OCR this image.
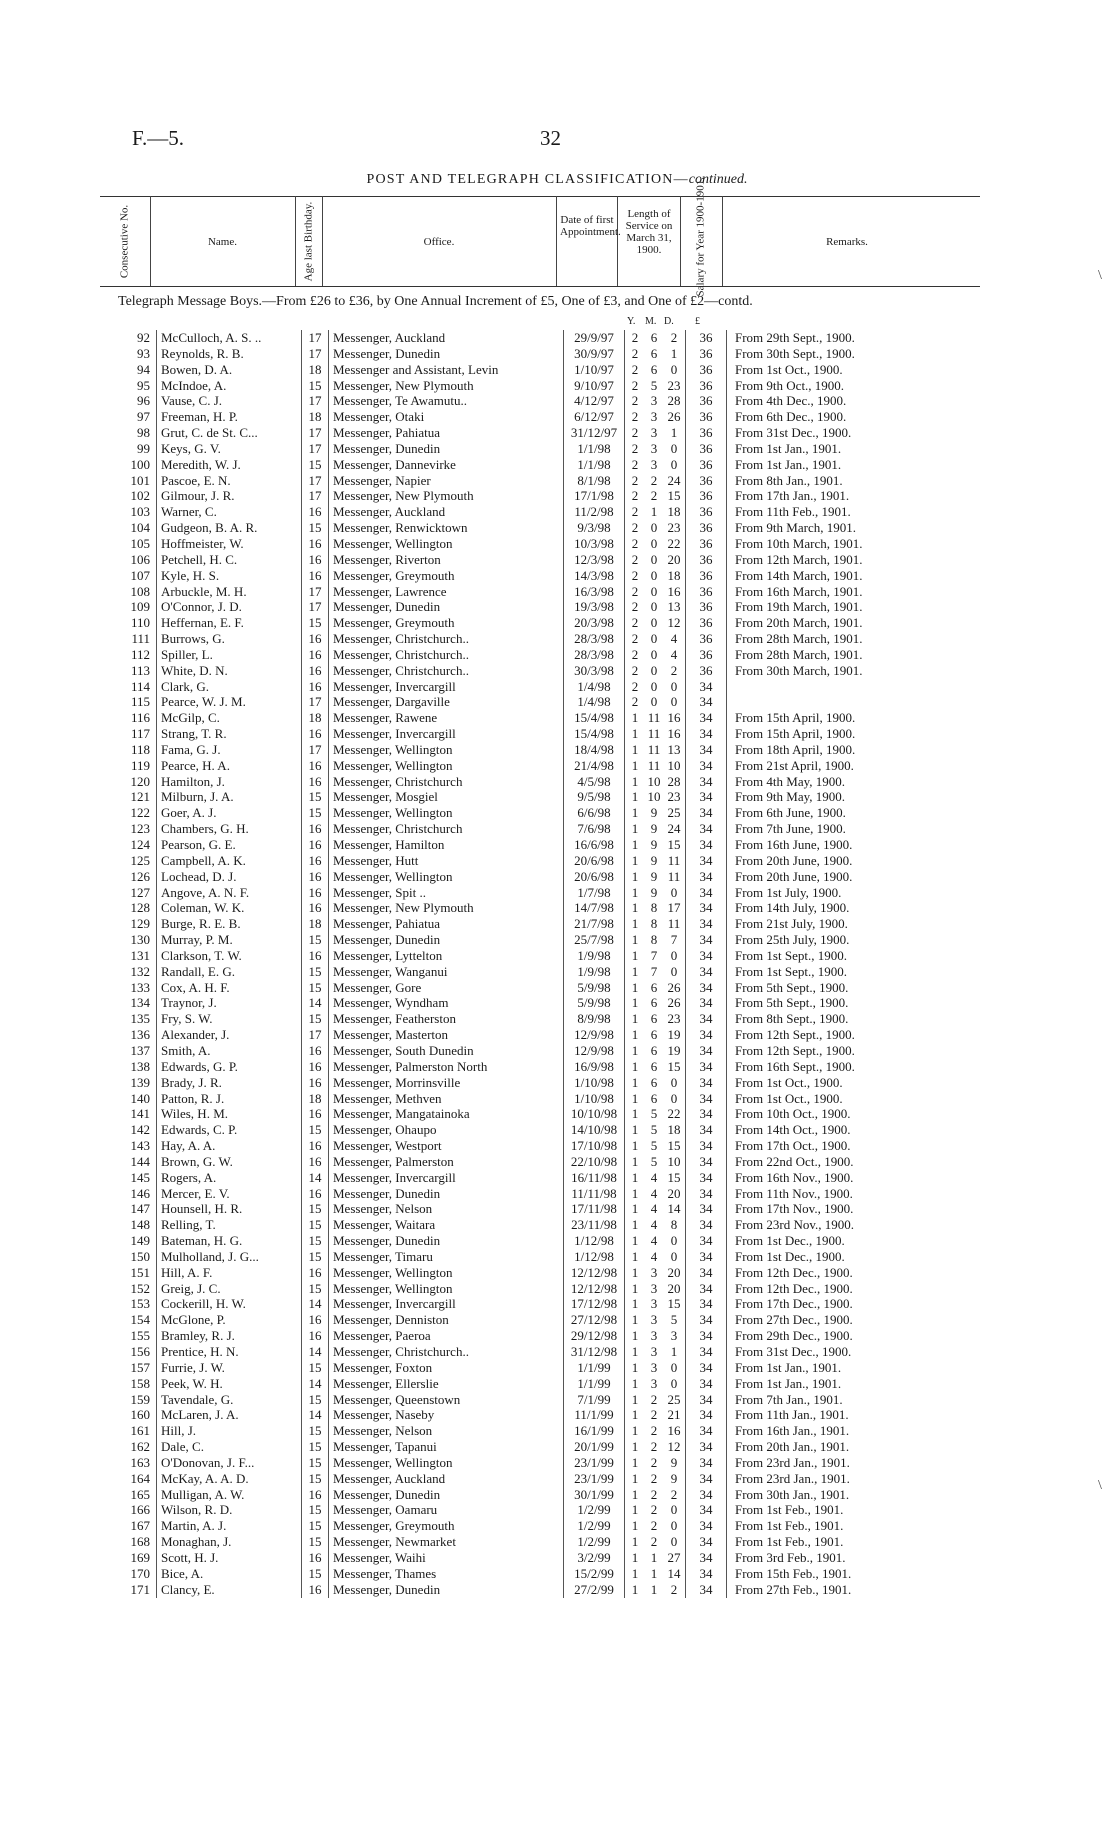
F.—5.	32
POST AND TELEGRAPH CLASSIFICATION—continued.
Consecutive No.	Name.	Age last Birthday.	Office.
Date of first Appointment.
Length of Service on March 31, 1900.	Salary for Year 1900-1901.	Remarks.
Telegraph Message Boys.—From £26 to £36, by One Annual Increment of £5, One of £3, and One of £2—contd.
Y. M. D. £
92	McCulloch, A. S. ..	17	Messenger, Auckland	29/9/97	2	6	2	36	From 29th Sept., 1900.
93	Reynolds, R. B.	17	Messenger, Dunedin	30/9/97	2	6	1	36	From 30th Sept., 1900.
94	Bowen, D. A.	18	Messenger and Assistant, Levin	1/10/97	2	6	0	36	From 1st Oct., 1900.
95	McIndoe, A.	15	Messenger, New Plymouth	9/10/97	2	5	23	36	From 9th Oct., 1900.
96	Vause, C. J.	17	Messenger, Te Awamutu..	4/12/97	2	3	28	36	From 4th Dec., 1900.
97	Freeman, H. P.	18	Messenger, Otaki	6/12/97	2	3	26	36	From 6th Dec., 1900.
98	Grut, C. de St. C...	17	Messenger, Pahiatua	31/12/97	2	3	1	36	From 31st Dec., 1900.
99	Keys, G. V.	17	Messenger, Dunedin	1/1/98	2	3	0	36	From 1st Jan., 1901.
100	Meredith, W. J.	15	Messenger, Dannevirke	1/1/98	2	3	0	36	From 1st Jan., 1901.
101	Pascoe, E. N.	17	Messenger, Napier	8/1/98	2	2	24	36	From 8th Jan., 1901.
102	Gilmour, J. R.	17	Messenger, New Plymouth	17/1/98	2	2	15	36	From 17th Jan., 1901.
103	Warner, C.	16	Messenger, Auckland	11/2/98	2	1	18	36	From 11th Feb., 1901.
104	Gudgeon, B. A. R.	15	Messenger, Renwicktown	9/3/98	2	0	23	36	From 9th March, 1901.
105	Hoffmeister, W.	16	Messenger, Wellington	10/3/98	2	0	22	36	From 10th March, 1901.
106	Petchell, H. C.	16	Messenger, Riverton	12/3/98	2	0	20	36	From 12th March, 1901.
107	Kyle, H. S.	16	Messenger, Greymouth	14/3/98	2	0	18	36	From 14th March, 1901.
108	Arbuckle, M. H.	17	Messenger, Lawrence	16/3/98	2	0	16	36	From 16th March, 1901.
109	O'Connor, J. D.	17	Messenger, Dunedin	19/3/98	2	0	13	36	From 19th March, 1901.
110	Heffernan, E. F.	15	Messenger, Greymouth	20/3/98	2	0	12	36	From 20th March, 1901.
111	Burrows, G.	16	Messenger, Christchurch..	28/3/98	2	0	4	36	From 28th March, 1901.
112	Spiller, L.	16	Messenger, Christchurch..	28/3/98	2	0	4	36	From 28th March, 1901.
113	White, D. N.	16	Messenger, Christchurch..	30/3/98	2	0	2	36	From 30th March, 1901.
114	Clark, G.	16	Messenger, Invercargill	1/4/98	2	0	0	34	
115	Pearce, W. J. M.	17	Messenger, Dargaville	1/4/98	2	0	0	34	
116	McGilp, C.	18	Messenger, Rawene	15/4/98	1	11	16	34	From 15th April, 1900.
117	Strang, T. R.	16	Messenger, Invercargill	15/4/98	1	11	16	34	From 15th April, 1900.
118	Fama, G. J.	17	Messenger, Wellington	18/4/98	1	11	13	34	From 18th April, 1900.
119	Pearce, H. A.	16	Messenger, Wellington	21/4/98	1	11	10	34	From 21st April, 1900.
120	Hamilton, J.	16	Messenger, Christchurch	4/5/98	1	10	28	34	From 4th May, 1900.
121	Milburn, J. A.	15	Messenger, Mosgiel	9/5/98	1	10	23	34	From 9th May, 1900.
122	Goer, A. J.	15	Messenger, Wellington	6/6/98	1	9	25	34	From 6th June, 1900.
123	Chambers, G. H.	16	Messenger, Christchurch	7/6/98	1	9	24	34	From 7th June, 1900.
124	Pearson, G. E.	16	Messenger, Hamilton	16/6/98	1	9	15	34	From 16th June, 1900.
125	Campbell, A. K.	16	Messenger, Hutt	20/6/98	1	9	11	34	From 20th June, 1900.
126	Lochead, D. J.	16	Messenger, Wellington	20/6/98	1	9	11	34	From 20th June, 1900.
127	Angove, A. N. F.	16	Messenger, Spit ..	1/7/98	1	9	0	34	From 1st July, 1900.
128	Coleman, W. K.	16	Messenger, New Plymouth	14/7/98	1	8	17	34	From 14th July, 1900.
129	Burge, R. E. B.	18	Messenger, Pahiatua	21/7/98	1	8	11	34	From 21st July, 1900.
130	Murray, P. M.	15	Messenger, Dunedin	25/7/98	1	8	7	34	From 25th July, 1900.
131	Clarkson, T. W.	16	Messenger, Lyttelton	1/9/98	1	7	0	34	From 1st Sept., 1900.
132	Randall, E. G.	15	Messenger, Wanganui	1/9/98	1	7	0	34	From 1st Sept., 1900.
133	Cox, A. H. F.	15	Messenger, Gore	5/9/98	1	6	26	34	From 5th Sept., 1900.
134	Traynor, J.	14	Messenger, Wyndham	5/9/98	1	6	26	34	From 5th Sept., 1900.
135	Fry, S. W.	15	Messenger, Featherston	8/9/98	1	6	23	34	From 8th Sept., 1900.
136	Alexander, J.	17	Messenger, Masterton	12/9/98	1	6	19	34	From 12th Sept., 1900.
137	Smith, A.	16	Messenger, South Dunedin	12/9/98	1	6	19	34	From 12th Sept., 1900.
138	Edwards, G. P.	16	Messenger, Palmerston North	16/9/98	1	6	15	34	From 16th Sept., 1900.
139	Brady, J. R.	16	Messenger, Morrinsville	1/10/98	1	6	0	34	From 1st Oct., 1900.
140	Patton, R. J.	18	Messenger, Methven	1/10/98	1	6	0	34	From 1st Oct., 1900.
141	Wiles, H. M.	16	Messenger, Mangatainoka	10/10/98	1	5	22	34	From 10th Oct., 1900.
142	Edwards, C. P.	15	Messenger, Ohaupo	14/10/98	1	5	18	34	From 14th Oct., 1900.
143	Hay, A. A.	16	Messenger, Westport	17/10/98	1	5	15	34	From 17th Oct., 1900.
144	Brown, G. W.	16	Messenger, Palmerston	22/10/98	1	5	10	34	From 22nd Oct., 1900.
145	Rogers, A.	14	Messenger, Invercargill	16/11/98	1	4	15	34	From 16th Nov., 1900.
146	Mercer, E. V.	16	Messenger, Dunedin	11/11/98	1	4	20	34	From 11th Nov., 1900.
147	Hounsell, H. R.	15	Messenger, Nelson	17/11/98	1	4	14	34	From 17th Nov., 1900.
148	Relling, T.	15	Messenger, Waitara	23/11/98	1	4	8	34	From 23rd Nov., 1900.
149	Bateman, H. G.	15	Messenger, Dunedin	1/12/98	1	4	0	34	From 1st Dec., 1900.
150	Mulholland, J. G...	15	Messenger, Timaru	1/12/98	1	4	0	34	From 1st Dec., 1900.
151	Hill, A. F.	16	Messenger, Wellington	12/12/98	1	3	20	34	From 12th Dec., 1900.
152	Greig, J. C.	15	Messenger, Wellington	12/12/98	1	3	20	34	From 12th Dec., 1900.
153	Cockerill, H. W.	14	Messenger, Invercargill	17/12/98	1	3	15	34	From 17th Dec., 1900.
154	McGlone, P.	16	Messenger, Denniston	27/12/98	1	3	5	34	From 27th Dec., 1900.
155	Bramley, R. J.	16	Messenger, Paeroa	29/12/98	1	3	3	34	From 29th Dec., 1900.
156	Prentice, H. N.	14	Messenger, Christchurch..	31/12/98	1	3	1	34	From 31st Dec., 1900.
157	Furrie, J. W.	15	Messenger, Foxton	1/1/99	1	3	0	34	From 1st Jan., 1901.
158	Peek, W. H.	14	Messenger, Ellerslie	1/1/99	1	3	0	34	From 1st Jan., 1901.
159	Tavendale, G.	15	Messenger, Queenstown	7/1/99	1	2	25	34	From 7th Jan., 1901.
160	McLaren, J. A.	14	Messenger, Naseby	11/1/99	1	2	21	34	From 11th Jan., 1901.
161	Hill, J.	15	Messenger, Nelson	16/1/99	1	2	16	34	From 16th Jan., 1901.
162	Dale, C.	15	Messenger, Tapanui	20/1/99	1	2	12	34	From 20th Jan., 1901.
163	O'Donovan, J. F...	15	Messenger, Wellington	23/1/99	1	2	9	34	From 23rd Jan., 1901.
164	McKay, A. A. D.	15	Messenger, Auckland	23/1/99	1	2	9	34	From 23rd Jan., 1901.
165	Mulligan, A. W.	16	Messenger, Dunedin	30/1/99	1	2	2	34	From 30th Jan., 1901.
166	Wilson, R. D.	15	Messenger, Oamaru	1/2/99	1	2	0	34	From 1st Feb., 1901.
167	Martin, A. J.	15	Messenger, Greymouth	1/2/99	1	2	0	34	From 1st Feb., 1901.
168	Monaghan, J.	15	Messenger, Newmarket	1/2/99	1	2	0	34	From 1st Feb., 1901.
169	Scott, H. J.	16	Messenger, Waihi	3/2/99	1	1	27	34	From 3rd Feb., 1901.
170	Bice, A.	15	Messenger, Thames	15/2/99	1	1	14	34	From 15th Feb., 1901.
171	Clancy, E.	16	Messenger, Dunedin	27/2/99	1	1	2	34	From 27th Feb., 1901.
\
\
